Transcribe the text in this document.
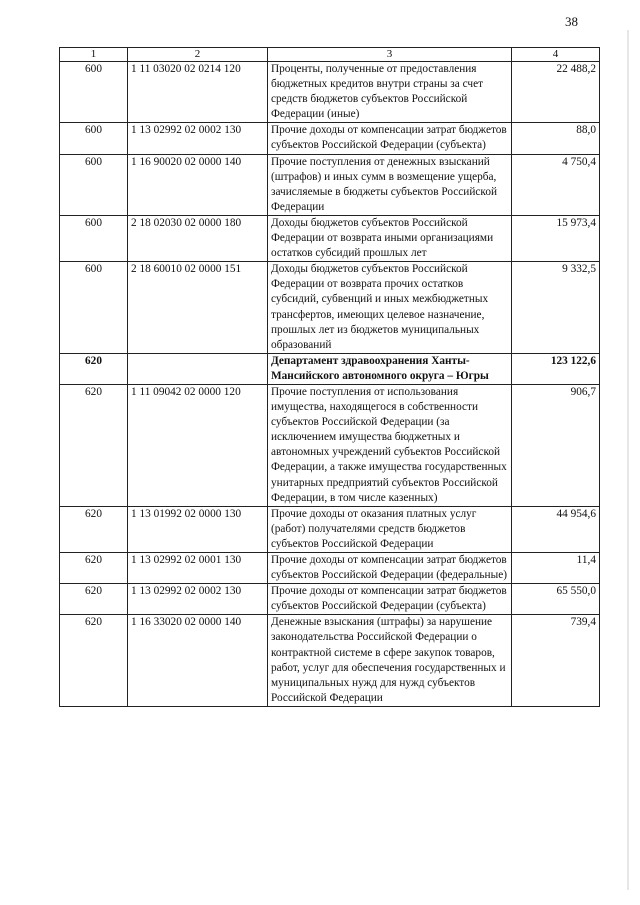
38
1	2	3	4
600	1 11 03020 02 0214 120	Проценты, полученные от предоставления бюджетных кредитов внутри страны за счет средств бюджетов субъектов Российской Федерации (иные)	22 488,2
600	1 13 02992 02 0002 130	Прочие доходы от компенсации затрат бюджетов субъектов Российской Федерации (субъекта)	88,0
600	1 16 90020 02 0000 140	Прочие поступления от денежных взысканий (штрафов) и иных сумм в возмещение ущерба, зачисляемые в бюджеты субъектов Российской Федерации	4 750,4
600	2 18 02030 02 0000 180	Доходы бюджетов субъектов Российской Федерации от возврата иными организациями остатков субсидий прошлых лет	15 973,4
600	2 18 60010 02 0000 151	Доходы бюджетов субъектов Российской Федерации от возврата прочих остатков субсидий, субвенций и иных межбюджетных трансфертов, имеющих целевое назначение, прошлых лет из бюджетов муниципальных образований	9 332,5
620		Департамент здравоохранения Ханты-Мансийского автономного округа – Югры	123 122,6
620	1 11 09042 02 0000 120	Прочие поступления от использования имущества, находящегося в собственности субъектов Российской Федерации (за исключением имущества бюджетных и автономных учреждений субъектов Российской Федерации, а также имущества государственных унитарных предприятий субъектов Российской Федерации, в том числе казенных)	906,7
620	1 13 01992 02 0000 130	Прочие доходы от оказания платных услуг (работ) получателями средств бюджетов субъектов Российской Федерации	44 954,6
620	1 13 02992 02 0001 130	Прочие доходы от компенсации затрат бюджетов субъектов Российской Федерации (федеральные)	11,4
620	1 13 02992 02 0002 130	Прочие доходы от компенсации затрат бюджетов субъектов Российской Федерации (субъекта)	65 550,0
620	1 16 33020 02 0000 140	Денежные взыскания (штрафы) за нарушение законодательства Российской Федерации о контрактной системе в сфере закупок товаров, работ, услуг для обеспечения государственных и муниципальных нужд для нужд субъектов Российской Федерации	739,4
